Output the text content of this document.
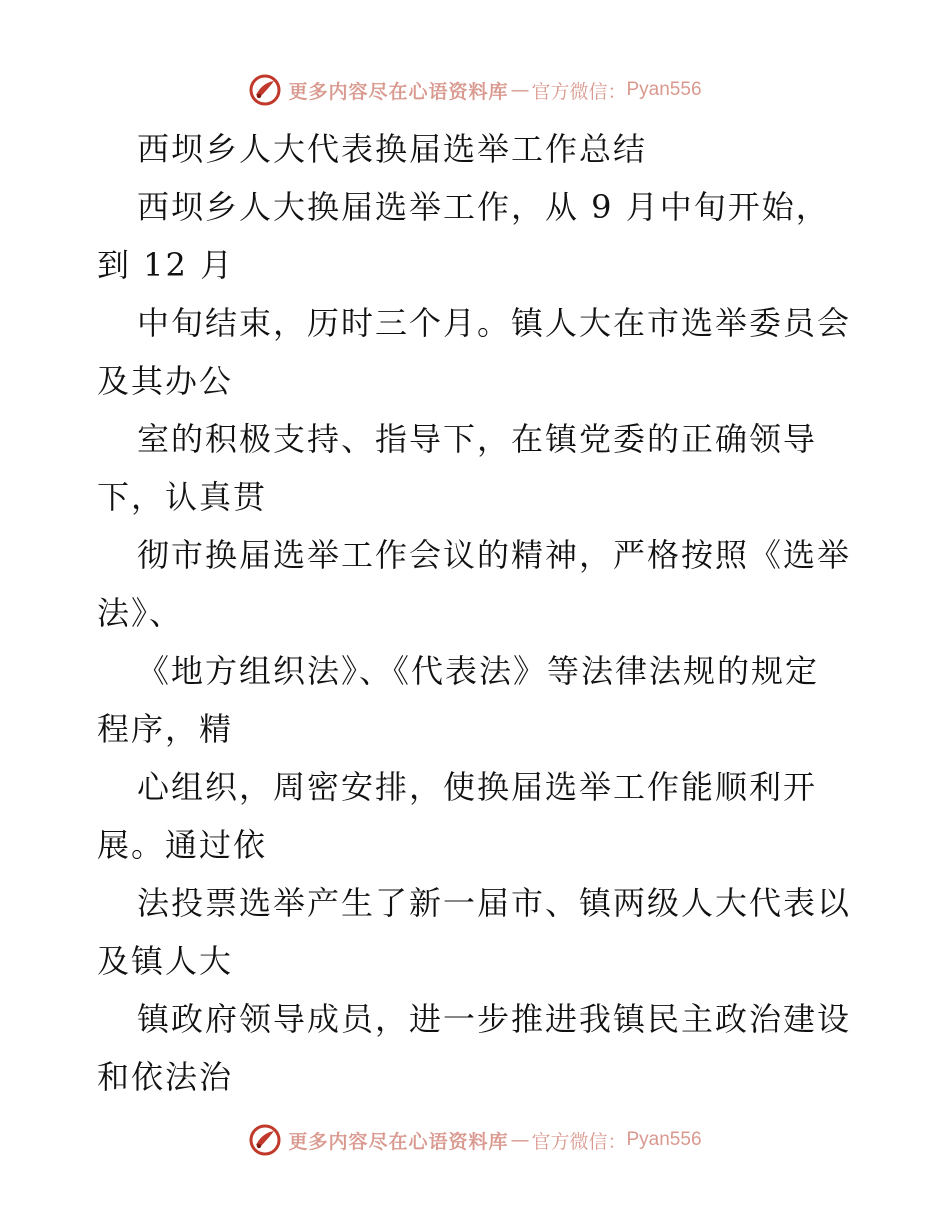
更多内容尽在心语资料库 — 官方微信： Pyan556
西坝乡人大代表换届选举工作总结
西坝乡人大换届选举工作，从 9 月中旬开始，
到 12 月
中旬结束，历时三个月。镇人大在市选举委员会
及其办公
室的积极支持、指导下，在镇党委的正确领导
下，认真贯
彻市换届选举工作会议的精神，严格按照《选举
法》、
《地方组织法》、《代表法》等法律法规的规定
程序，精
心组织，周密安排，使换届选举工作能顺利开
展。通过依
法投票选举产生了新一届市、镇两级人大代表以
及镇人大
镇政府领导成员，进一步推进我镇民主政治建设
和依法治
更多内容尽在心语资料库 — 官方微信： Pyan556
